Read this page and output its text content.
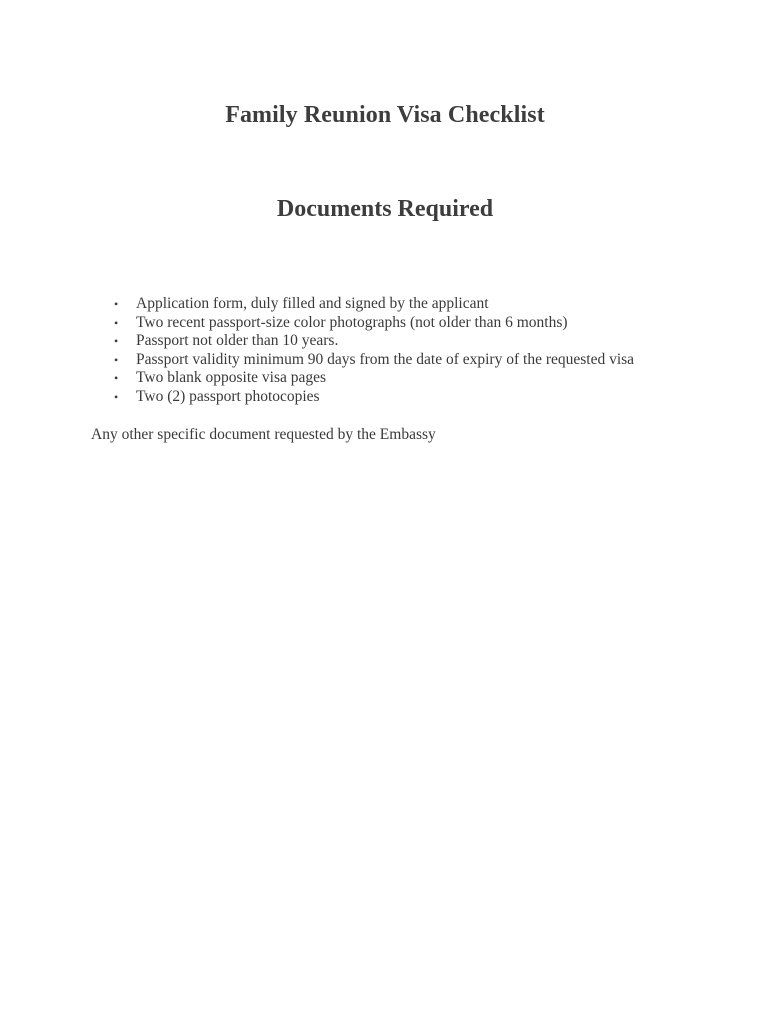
Family Reunion Visa Checklist
Documents Required
• Application form, duly filled and signed by the applicant
• Two recent passport-size color photographs (not older than 6 months)
• Passport not older than 10 years.
• Passport validity minimum 90 days from the date of expiry of the requested visa
• Two blank opposite visa pages
• Two (2) passport photocopies

Any other specific document requested by the Embassy
